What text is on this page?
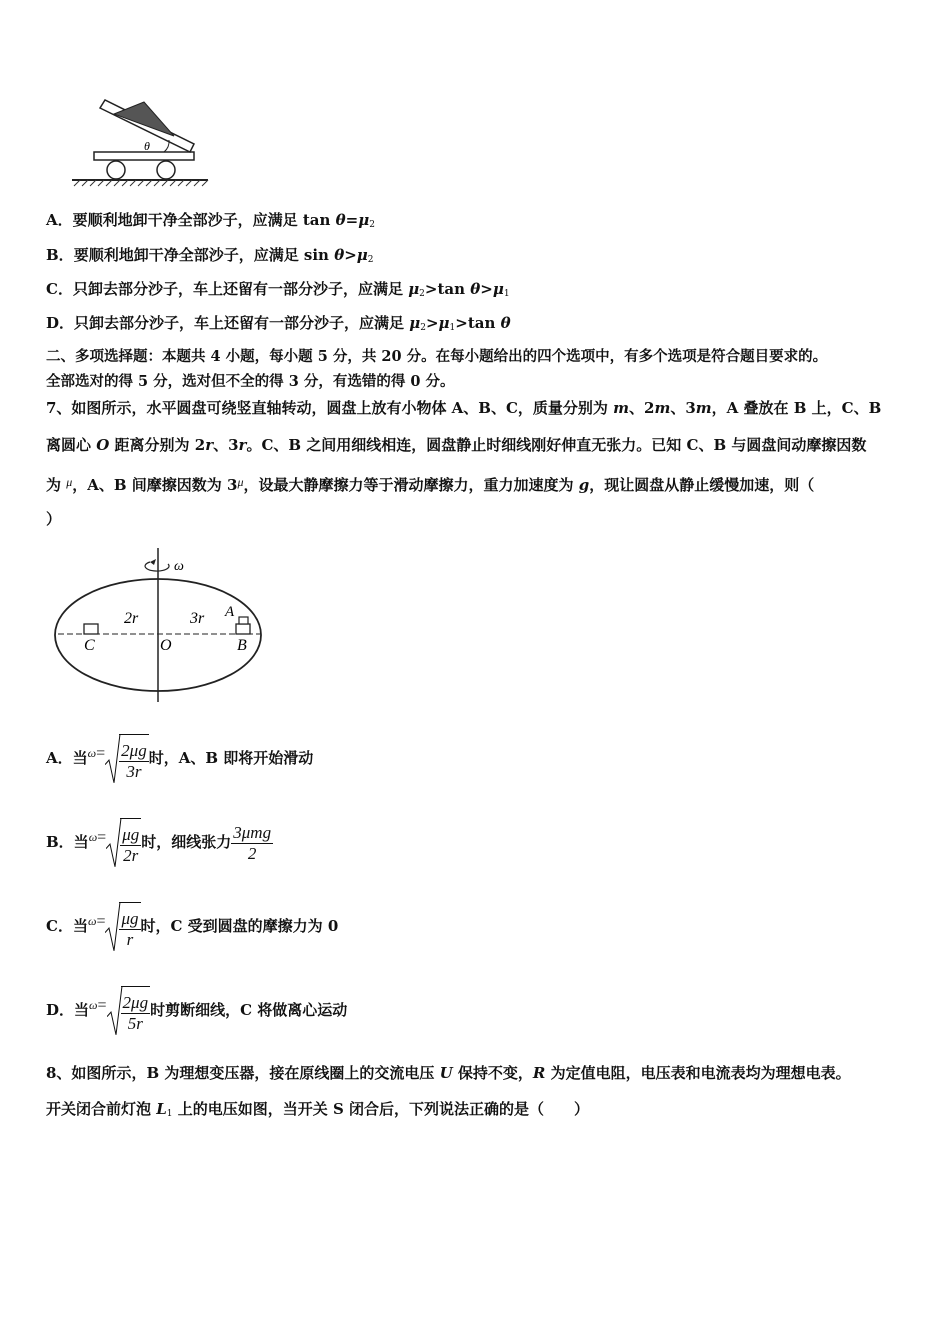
θ
A．要顺利地卸干净全部沙子，应满足 $\tan \theta=\mu_2$
B．要顺利地卸干净全部沙子，应满足 $\sin \theta>\mu_2$
C．只卸去部分沙子，车上还留有一部分沙子，应满足 $\mu_2>\tan$ $\theta>\mu_1$
D．只卸去部分沙子，车上还留有一部分沙子，应满足 $\mu_2>\mu_1>\tan$ θ
二、多项选择题：本题共 4 小题，每小题 5 分，共 20 分。在每小题给出的四个选项中，有多个选项是符合题目要求的。
全部选对的得 5 分，选对但不全的得 3 分，有选错的得 0 分。
7、如图所示，水平圆盘可绕竖直轴转动，圆盘上放有小物体 A、B、C，质量分别为 m、2m、3m，A 叠放在 B 上，C、B
离圆心 O 距离分别为 2r、3r。C、B 之间用细线相连，圆盘静止时细线刚好伸直无张力。已知 C、B 与圆盘间动摩擦因数
为 $^\mu$，A、B 间摩擦因数为 $3^\mu$，设最大静摩擦力等于滑动摩擦力，重力加速度为 g，现让圆盘从静止缓慢加速，则（
）
ω
2r	3r A
C	O	B
A．当$^\omega= \frac{2\mu g}{3r}$ 时，A、B 即将开始滑动
B．当$^\omega= \frac{\mu g}{2r}$ 时，细线张力 $\frac{\text{3μmg}}{2}$
C．当$^\omega= \frac{\mu g}{r}$ 时，C 受到圆盘的摩擦力为 0
D．当$^\omega= \frac{2\mu g}{5r}$ 时剪断细线，C 将做离心运动
8、如图所示，B 为理想变压器，接在原线圈上的交流电压 U 保持不变，R 为定值电阻，电压表和电流表均为理想电表。
开关闭合前灯泡 $L_1$ 上的电压如图，当开关 S 闭合后，下列说法正确的是（　　）
